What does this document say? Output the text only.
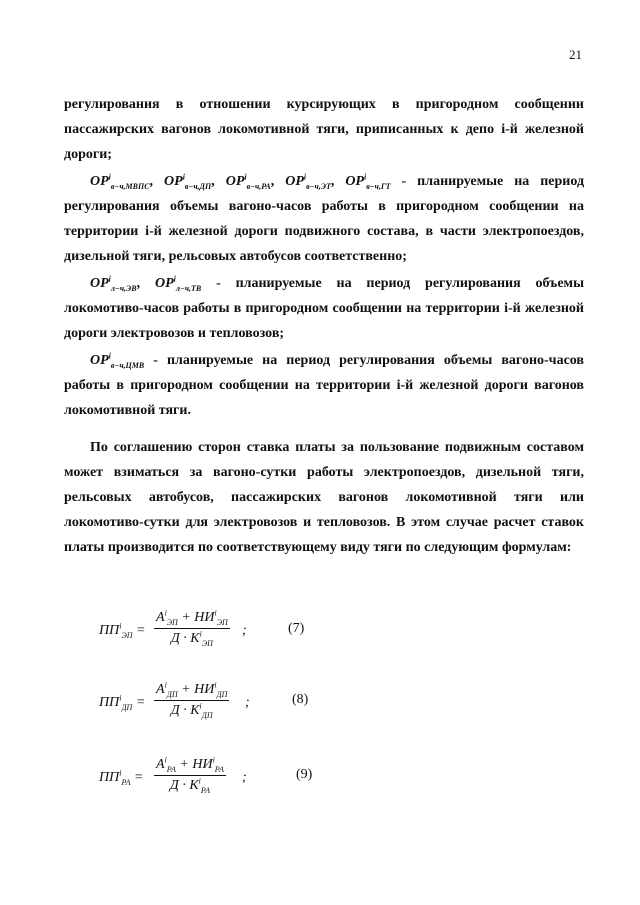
21

регулирования в отношении курсирующих в пригородном сообщении пассажирских вагонов локомотивной тяги, приписанных к депо i-й железной дороги;

$OP^i_{в-ч,МВПС}$, $OP^i_{в-ч,ДП}$, $OP^i_{в-ч,РА}$, $OP^i_{в-ч,ЭТ}$, $OP^i_{в-ч,ГТ}$ - планируемые на период регулирования объемы вагоно-часов работы в пригородном сообщении на территории i-й железной дороги подвижного состава, в части электропоездов, дизельной тяги, рельсовых автобусов соответственно;

$OP^i_{л-ч,ЭВ}$, $OP^i_{л-ч,ТВ}$ - планируемые на период регулирования объемы локомотиво-часов работы в пригородном сообщении на территории i-й железной дороги электровозов и тепловозов;

$OP^i_{в-ч,ЦМВ}$ - планируемые на период регулирования объемы вагоно-часов работы в пригородном сообщении на территории i-й железной дороги вагонов локомотивной тяги.

По соглашению сторон ставка платы за пользование подвижным составом может взиматься за вагоно-сутки работы электропоездов, дизельной тяги, рельсовых автобусов, пассажирских вагонов локомотивной тяги или локомотиво-сутки для электровозов и тепловозов. В этом случае расчет ставок платы производится по соответствующему виду тяги по следующим формулам:

$ПП^i_{ЭП}$ =
$A^i_{ЭП} + НИ^i_{ЭП}$
$Д \cdot K^i_{ЭП}$
;	(7)
$ПП^i_{ДП}$ =
$A^i_{ДП} + НИ^i_{ДП}$
$Д \cdot K^i_{ДП}$
;	(8)
$ПП^i_{РА}$ =
$A^i_{РА} + НИ^i_{РА}$
$Д \cdot K^i_{РА}$
;	(9)
